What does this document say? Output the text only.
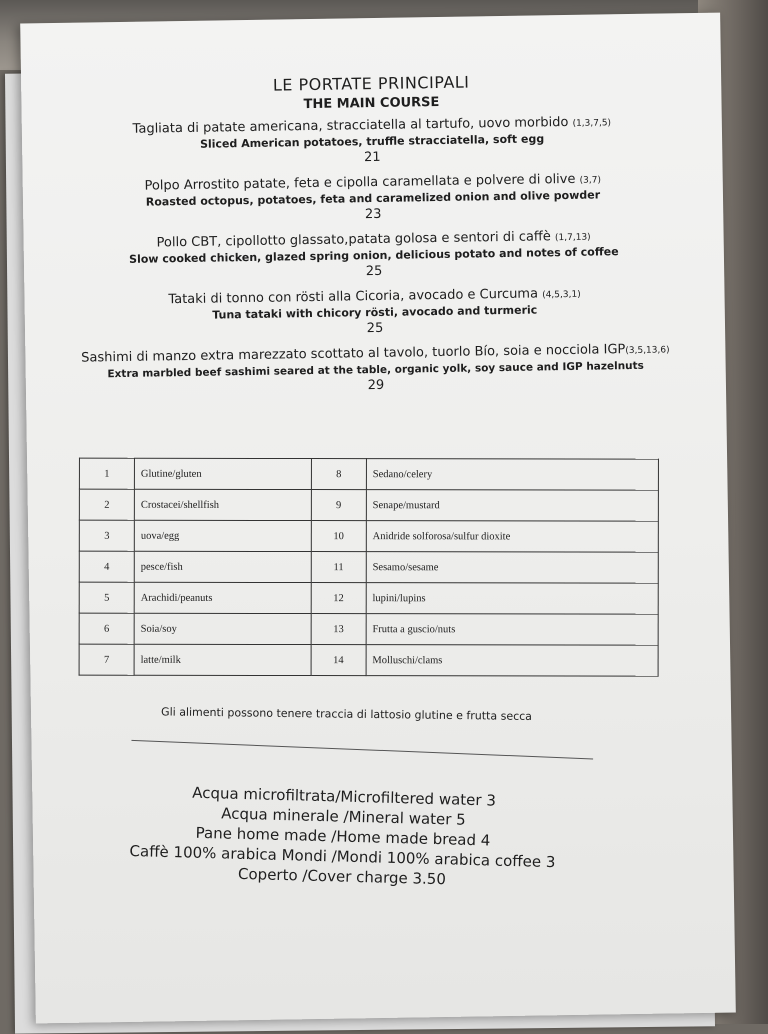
LE PORTATE PRINCIPALI
THE MAIN COURSE
Tagliata di patate americana, stracciatella al tartufo, uovo morbido (1,3,7,5)
Sliced American potatoes, truffle stracciatella, soft egg
21
Polpo Arrostito patate, feta e cipolla caramellata e polvere di olive (3,7)
Roasted octopus, potatoes, feta and caramelized onion and olive powder
23
Pollo CBT, cipollotto glassato,patata golosa e sentori di caffè (1,7,13)
Slow cooked chicken, glazed spring onion, delicious potato and notes of coffee
25
Tataki di tonno con rösti alla Cicoria, avocado e Curcuma (4,5,3,1)
Tuna tataki with chicory rösti, avocado and turmeric
25
Sashimi di manzo extra marezzato scottato al tavolo, tuorlo Bío, soia e nocciola IGP(3,5,13,6)
Extra marbled beef sashimi seared at the table, organic yolk, soy sauce and IGP hazelnuts
29
1	Glutine/gluten	8	Sedano/celery
2	Crostacei/shellfish	9	Senape/mustard
3	uova/egg	10	Anidride solforosa/sulfur dioxite
4	pesce/fish	11	Sesamo/sesame
5	Arachidi/peanuts	12	lupini/lupins
6	Soia/soy	13	Frutta a guscio/nuts
7	latte/milk	14	Molluschi/clams
Gli alimenti possono tenere traccia di lattosio glutine e frutta secca
Acqua microfiltrata/Microfiltered water 3
Acqua minerale /Mineral water 5
Pane home made /Home made bread 4
Caffè 100% arabica Mondi /Mondi 100% arabica coffee 3
Coperto /Cover charge 3.50
